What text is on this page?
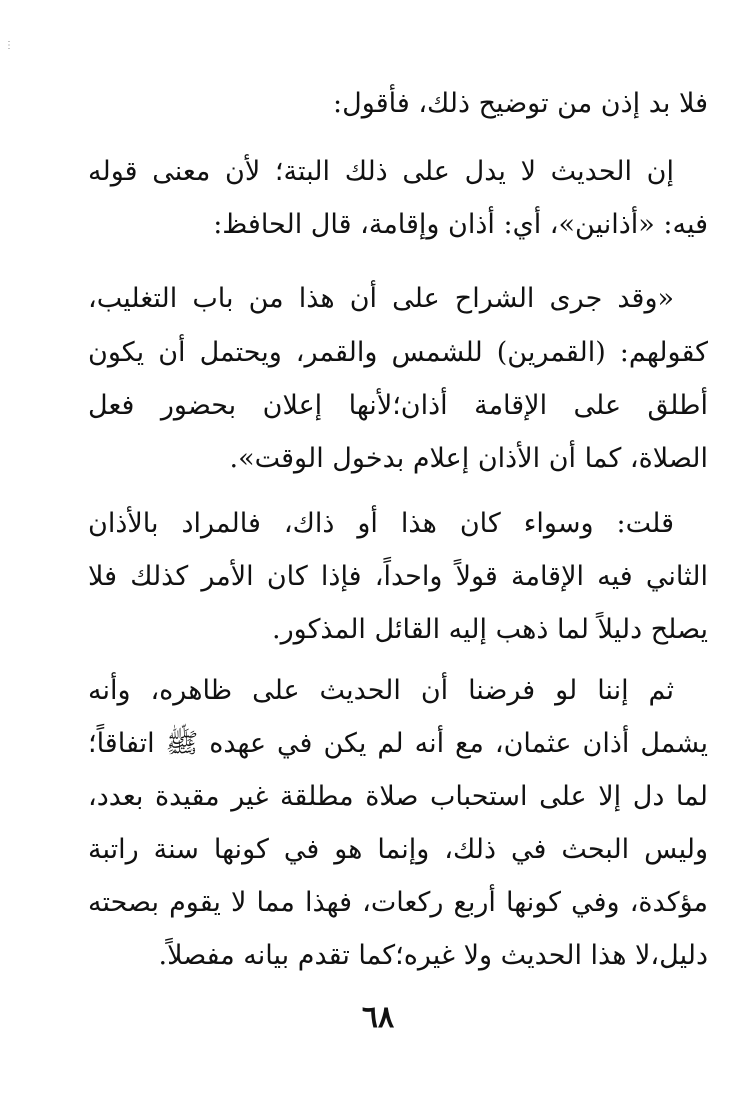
⋮
فلا بد إذن من توضيح ذلك، فأقول:
إن الحديث لا يدل على ذلك البتة؛ لأن معنى قوله
فيه: «أذانين»، أي: أذان وإقامة، قال الحافظ:
«وقد جرى الشراح على أن هذا من باب التغليب،
كقولهم: (القمرين) للشمس والقمر، ويحتمل أن يكون
أطلق على الإقامة أذان؛لأنها إعلان بحضور فعل
الصلاة، كما أن الأذان إعلام بدخول الوقت».
قلت: وسواء كان هذا أو ذاك، فالمراد بالأذان
الثاني فيه الإقامة قولاً واحداً، فإذا كان الأمر كذلك فلا
يصلح دليلاً لما ذهب إليه القائل المذكور.
ثم إننا لو فرضنا أن الحديث على ظاهره، وأنه
يشمل أذان عثمان، مع أنه لم يكن في عهده ﷺ اتفاقاً؛
لما دل إلا على استحباب صلاة مطلقة غير مقيدة بعدد،
وليس البحث في ذلك، وإنما هو في كونها سنة راتبة
مؤكدة، وفي كونها أربع ركعات، فهذا مما لا يقوم بصحته
دليل،لا هذا الحديث ولا غيره؛كما تقدم بيانه مفصلاً.
٦٨
